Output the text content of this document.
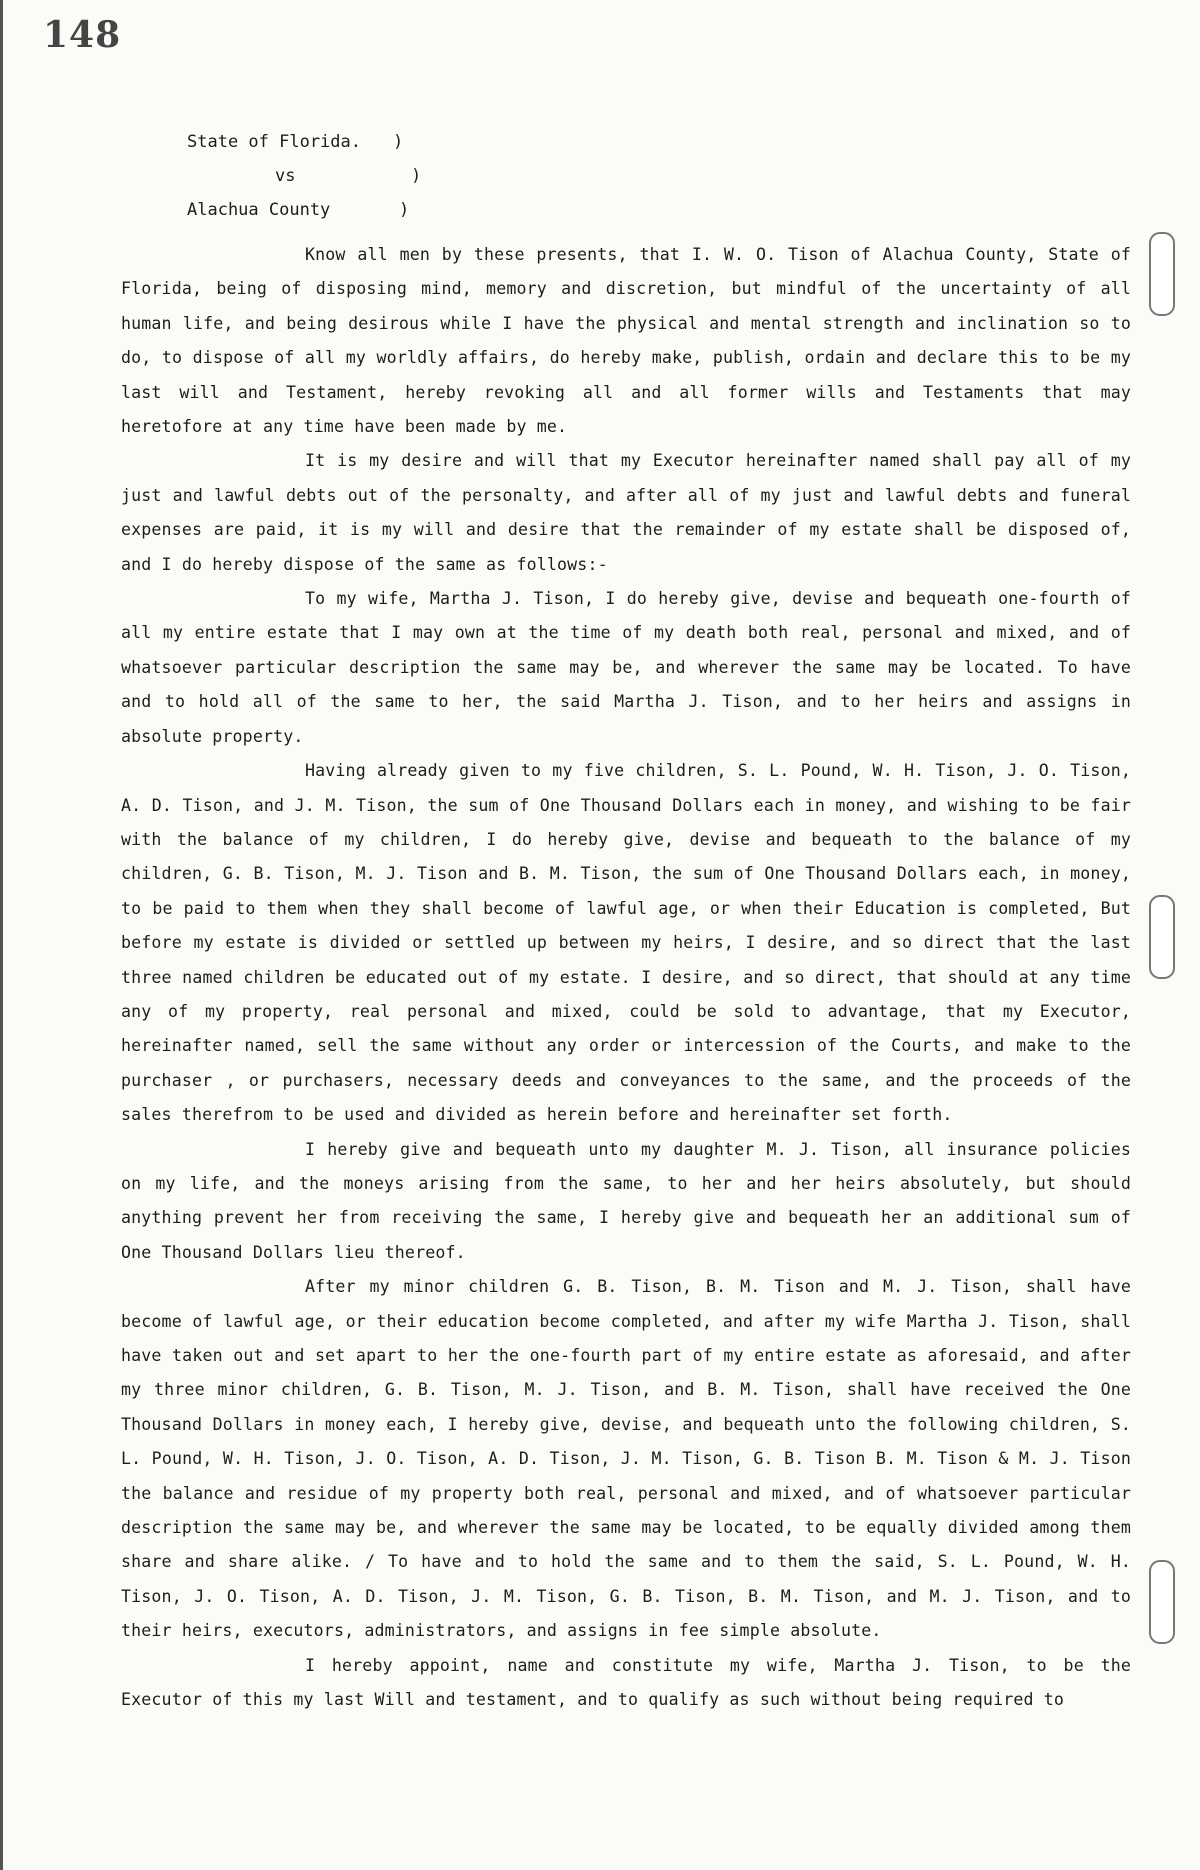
148
State of Florida.	)
vs	)
Alachua County	)

Know all men by these presents, that I. W. O. Tison of Alachua County, State of Florida, being of disposing mind, memory and discretion, but mindful of the uncertainty of all human life, and being desirous while I have the physical and mental strength and inclination so to do, to dispose of all my worldly affairs, do hereby make, publish, ordain and declare this to be my last will and Testament, hereby revoking all and all former wills and Testaments that may heretofore at any time have been made by me.

It is my desire and will that my Executor hereinafter named shall pay all of my just and lawful debts out of the personalty, and after all of my just and lawful debts and funeral expenses are paid, it is my will and desire that the remainder of my estate shall be disposed of, and I do hereby dispose of the same as follows:-

To my wife, Martha J. Tison, I do hereby give, devise and bequeath one-fourth of all my entire estate that I may own at the time of my death both real, personal and mixed, and of whatsoever particular description the same may be, and wherever the same may be located. To have and to hold all of the same to her, the said Martha J. Tison, and to her heirs and assigns in absolute property.

Having already given to my five children, S. L. Pound, W. H. Tison, J. O. Tison, A. D. Tison, and J. M. Tison, the sum of One Thousand Dollars each in money, and wishing to be fair with the balance of my children, I do hereby give, devise and bequeath to the balance of my children, G. B. Tison, M. J. Tison and B. M. Tison, the sum of One Thousand Dollars each, in money, to be paid to them when they shall become of lawful age, or when their Education is completed, But before my estate is divided or settled up between my heirs, I desire, and so direct that the last three named children be educated out of my estate. I desire, and so direct, that should at any time any of my property, real personal and mixed, could be sold to advantage, that my Executor, hereinafter named, sell the same without any order or intercession of the Courts, and make to the purchaser , or purchasers, necessary deeds and conveyances to the same, and the proceeds of the sales therefrom to be used and divided as herein before and hereinafter set forth.

I hereby give and bequeath unto my daughter M. J. Tison, all insurance policies on my life, and the moneys arising from the same, to her and her heirs absolutely, but should anything prevent her from receiving the same, I hereby give and bequeath her an additional sum of One Thousand Dollars lieu thereof.

After my minor children G. B. Tison, B. M. Tison and M. J. Tison, shall have become of lawful age, or their education become completed, and after my wife Martha J. Tison, shall have taken out and set apart to her the one-fourth part of my entire estate as aforesaid, and after my three minor children, G. B. Tison, M. J. Tison, and B. M. Tison, shall have received the One Thousand Dollars in money each, I hereby give, devise, and bequeath unto the following children, S. L. Pound, W. H. Tison, J. O. Tison, A. D. Tison, J. M. Tison, G. B. Tison B. M. Tison & M. J. Tison the balance and residue of my property both real, personal and mixed, and of whatsoever particular description the same may be, and wherever the same may be located, to be equally divided among them share and share alike. / To have and to hold the same and to them the said, S. L. Pound, W. H. Tison, J. O. Tison, A. D. Tison, J. M. Tison, G. B. Tison, B. M. Tison, and M. J. Tison, and to their heirs, executors, administrators, and assigns in fee simple absolute.

I hereby appoint, name and constitute my wife, Martha J. Tison, to be the Executor of this my last Will and testament, and to qualify as such without being required to
